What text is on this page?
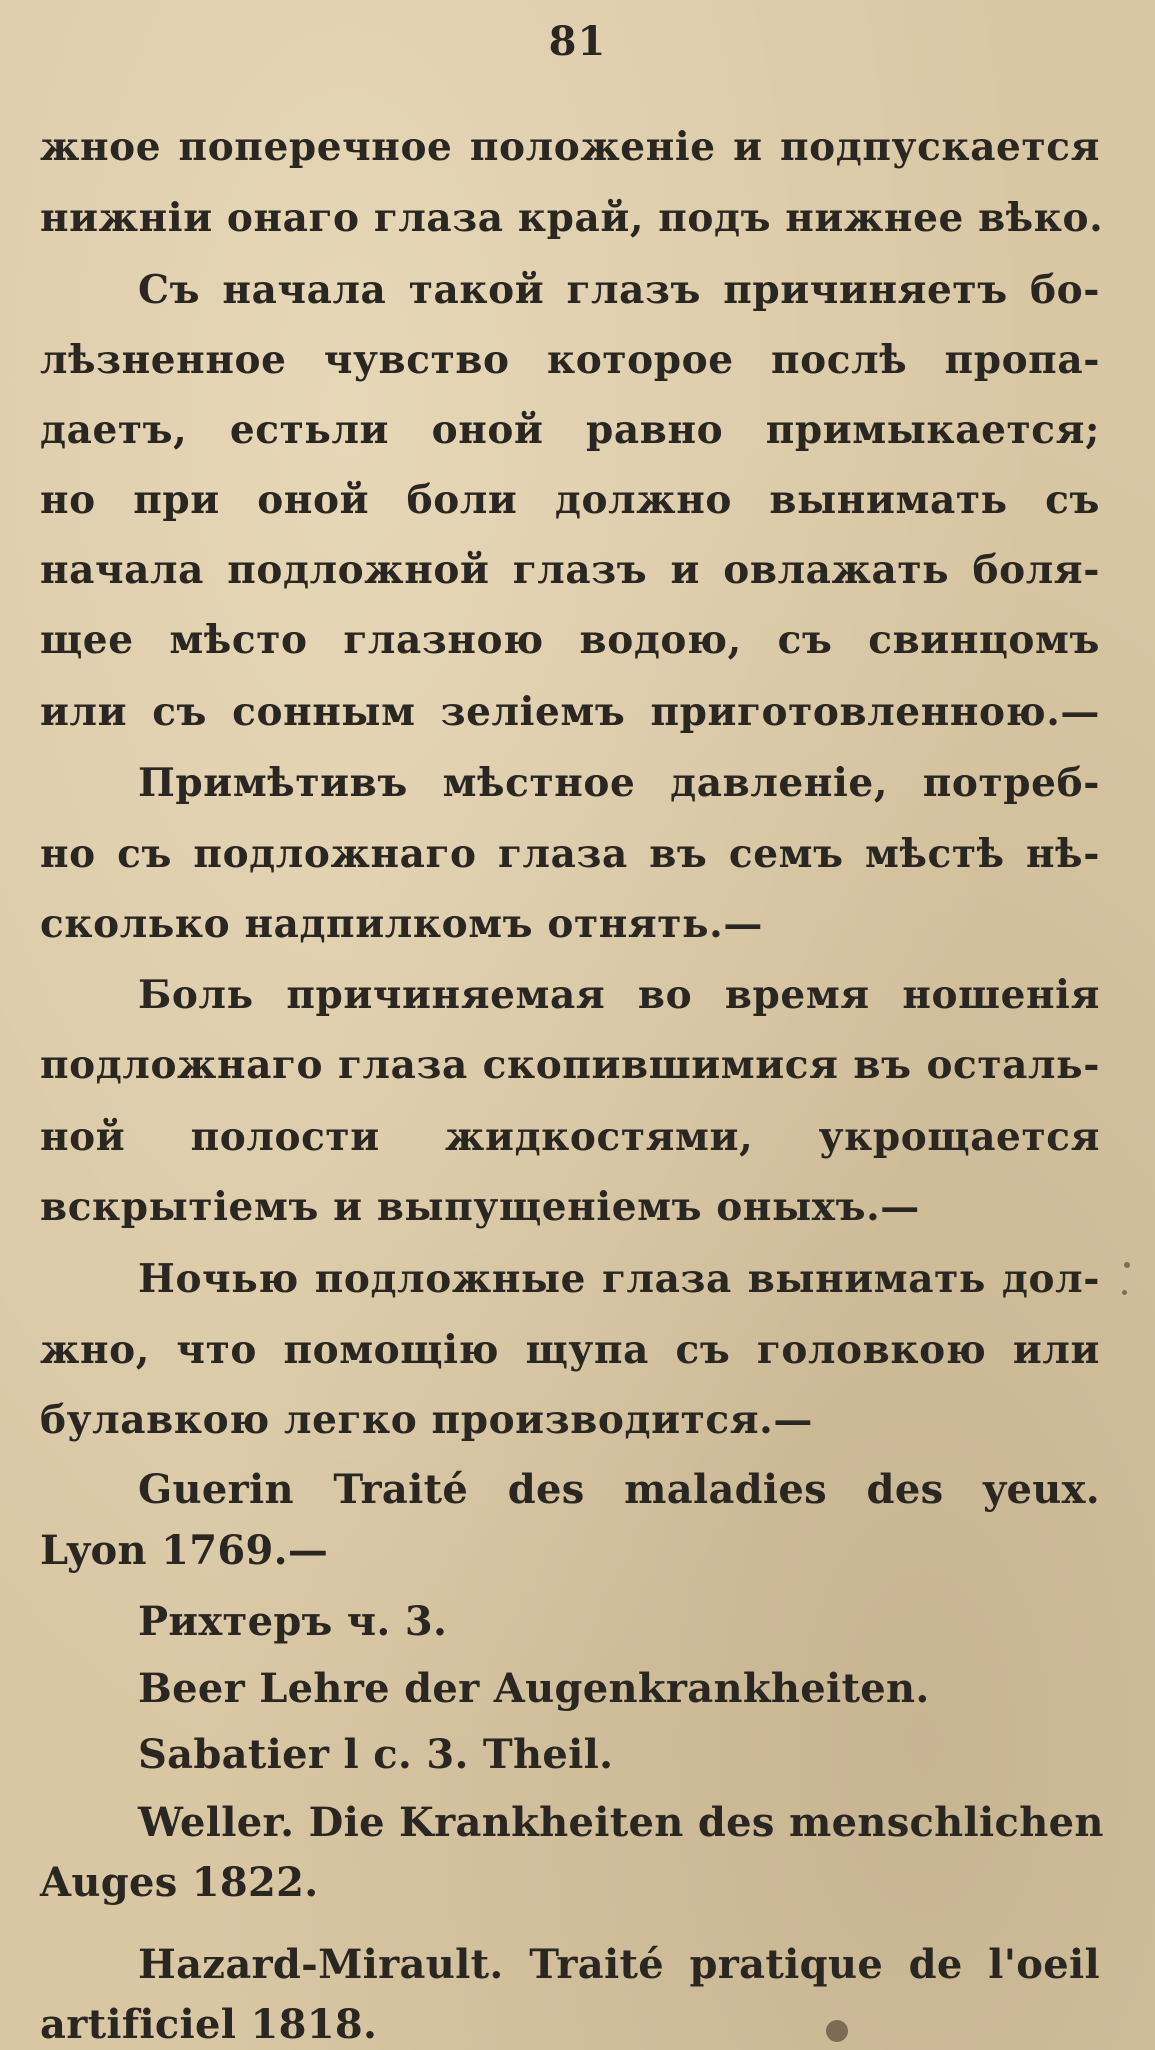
81
жное поперечное положенiе и подпускается
нижнiи онаго глаза край, подъ нижнее вѣко.
Съ начала такой глазъ причиняетъ бо-
лѣзненное чувство которое послѣ пропа-
даетъ, естьли оной равно примыкается;
но при оной боли должно вынимать съ
начала подложной глазъ и овлажать боля-
щее мѣсто глазною водою, съ свинцомъ
или съ сонным зелiемъ приготовленною.—
Примѣтивъ мѣстное давленiе, потреб-
но съ подложнаго глаза въ семъ мѣстѣ нѣ-
сколько надпилкомъ отнять.—
Боль причиняемая во время ношенiя
подложнаго глаза скопившимися въ осталь-
ной полости жидкостями, укрощается
вскрытiемъ и выпущенiемъ оныхъ.—
Ночью подложные глаза вынимать дол-
жно, что помощiю щупа съ головкою или
булавкою легко производится.—
Guerin Traité des maladies des yeux.
Lyon 1769.—
Рихтеръ ч. 3.
Beer Lehre der Augenkrankheiten.
Sabatier l c. 3. Theil.
Weller. Die Krankheiten des menschlichen
Auges 1822.
Hazard-Mirault. Traité pratique de l'oeil
artificiel 1818.
